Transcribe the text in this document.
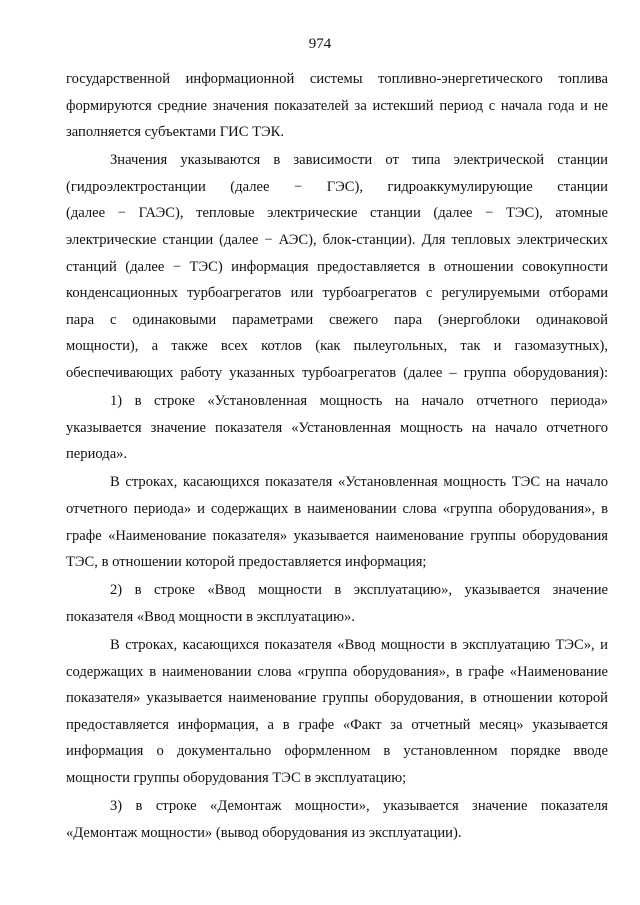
974
государственной информационной системы топливно-энергетического топлива
формируются средние значения показателей за истекший период с начала года и не
заполняется субъектами ГИС ТЭК.
Значения указываются в зависимости от типа электрической станции
(гидроэлектростанции (далее − ГЭС), гидроаккумулирующие станции
(далее − ГАЭС), тепловые электрические станции (далее − ТЭС), атомные
электрические станции (далее − АЭС), блок-станции). Для тепловых электрических
станций (далее − ТЭС) информация предоставляется в отношении совокупности
конденсационных турбоагрегатов или турбоагрегатов с регулируемыми отборами
пара с одинаковыми параметрами свежего пара (энергоблоки одинаковой
мощности), а также всех котлов (как пылеугольных, так и газомазутных),
обеспечивающих работу указанных турбоагрегатов (далее – группа оборудования):
1) в строке «Установленная мощность на начало отчетного периода»
указывается значение показателя «Установленная мощность на начало отчетного
периода».
В строках, касающихся показателя «Установленная мощность ТЭС на начало
отчетного периода» и содержащих в наименовании слова «группа оборудования», в
графе «Наименование показателя» указывается наименование группы оборудования
ТЭС, в отношении которой предоставляется информация;
2) в строке «Ввод мощности в эксплуатацию», указывается значение
показателя «Ввод мощности в эксплуатацию».
В строках, касающихся показателя «Ввод мощности в эксплуатацию ТЭС», и
содержащих в наименовании слова «группа оборудования», в графе «Наименование
показателя» указывается наименование группы оборудования, в отношении которой
предоставляется информация, а в графе «Факт за отчетный месяц» указывается
информация о документально оформленном в установленном порядке вводе
мощности группы оборудования ТЭС в эксплуатацию;
3) в строке «Демонтаж мощности», указывается значение показателя
«Демонтаж мощности» (вывод оборудования из эксплуатации).
